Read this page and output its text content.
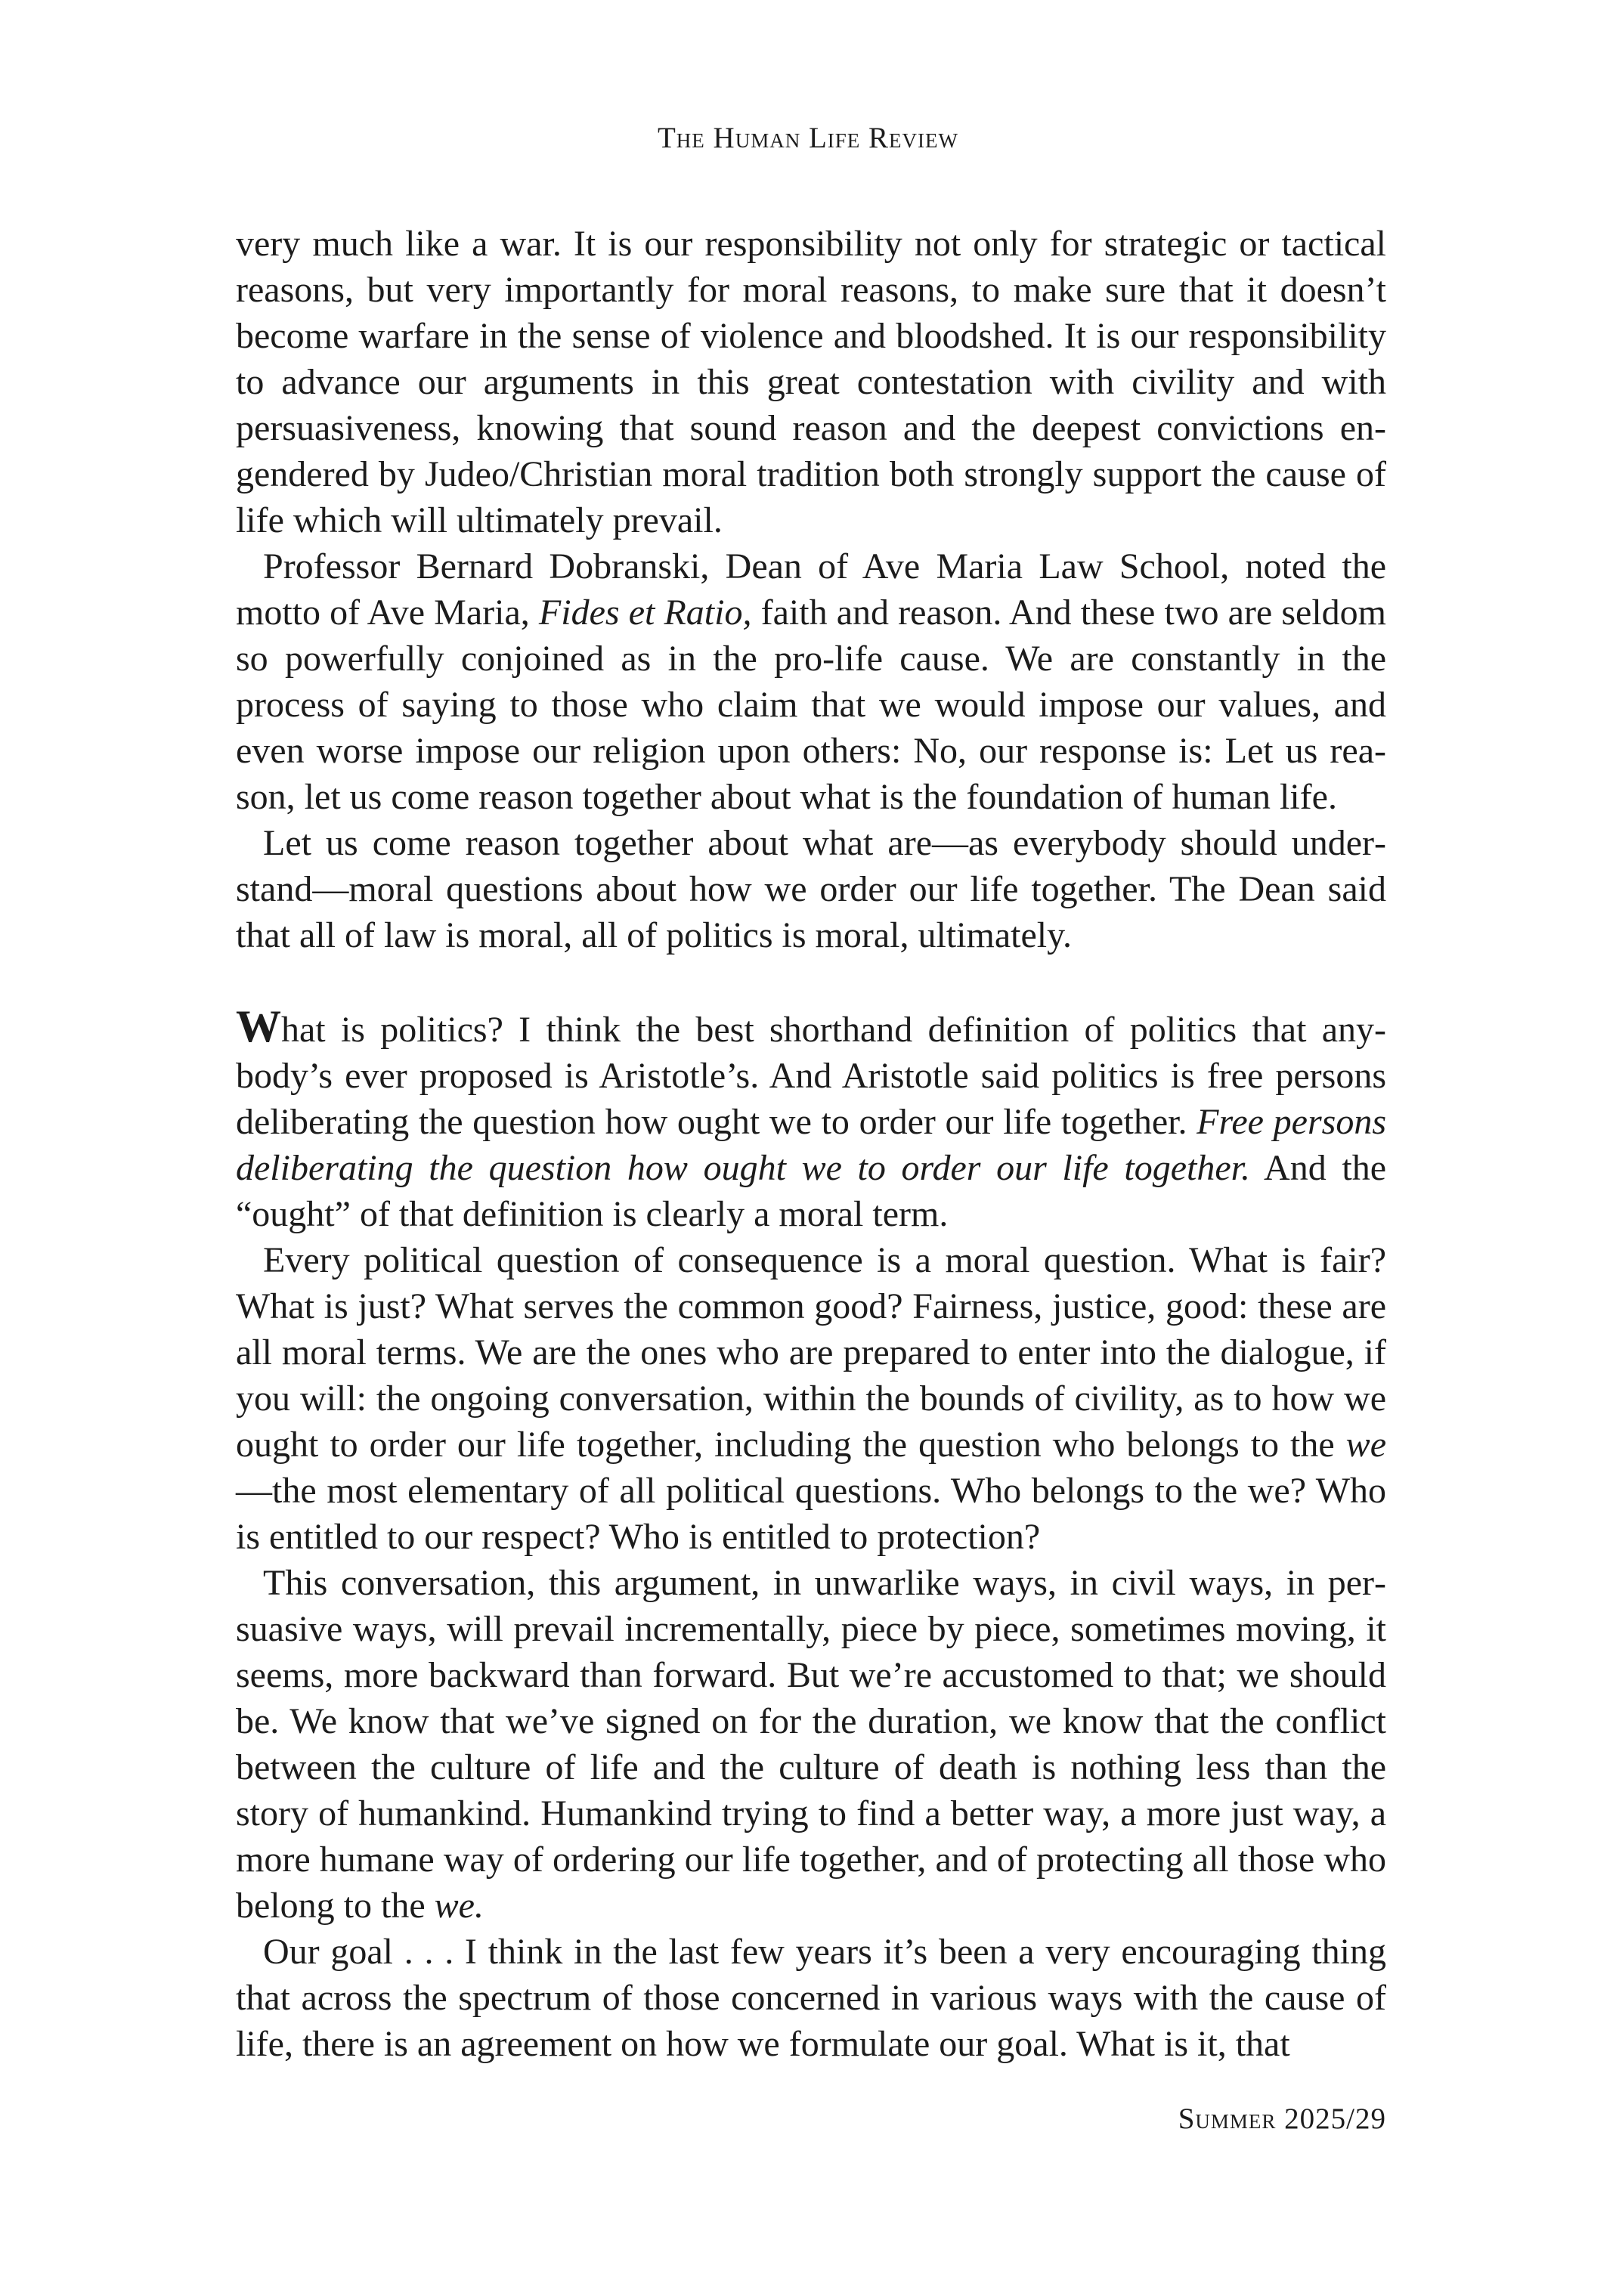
The Human Life Review

very much like a war. It is our responsibility not only for strategic or tactical reasons, but very importantly for moral reasons, to make sure that it doesn’t become warfare in the sense of violence and bloodshed. It is our responsibility to advance our arguments in this great contestation with civility and with persuasiveness, knowing that sound reason and the deepest convictions engendered by Judeo/Christian moral tradition both strongly support the cause of life which will ultimately prevail.

Professor Bernard Dobranski, Dean of Ave Maria Law School, noted the motto of Ave Maria, Fides et Ratio, faith and reason. And these two are seldom so powerfully conjoined as in the pro-life cause. We are constantly in the process of saying to those who claim that we would impose our values, and even worse impose our religion upon others: No, our response is: Let us reason, let us come reason together about what is the foundation of human life.

Let us come reason together about what are—as everybody should understand—moral questions about how we order our life together. The Dean said that all of law is moral, all of politics is moral, ultimately.

What is politics? I think the best shorthand definition of politics that anybody’s ever proposed is Aristotle’s. And Aristotle said politics is free persons deliberating the question how ought we to order our life together. Free persons deliberating the question how ought we to order our life together. And the “ought” of that definition is clearly a moral term.

Every political question of consequence is a moral question. What is fair? What is just? What serves the common good? Fairness, justice, good: these are all moral terms. We are the ones who are prepared to enter into the dialogue, if you will: the ongoing conversation, within the bounds of civility, as to how we ought to order our life together, including the question who belongs to the we—the most elementary of all political questions. Who belongs to the we? Who is entitled to our respect? Who is entitled to protection?

This conversation, this argument, in unwarlike ways, in civil ways, in persuasive ways, will prevail incrementally, piece by piece, sometimes moving, it seems, more backward than forward. But we’re accustomed to that; we should be. We know that we’ve signed on for the duration, we know that the conflict between the culture of life and the culture of death is nothing less than the story of humankind. Humankind trying to find a better way, a more just way, a more humane way of ordering our life together, and of protecting all those who belong to the we.

Our goal . . . I think in the last few years it’s been a very encouraging thing that across the spectrum of those concerned in various ways with the cause of life, there is an agreement on how we formulate our goal. What is it, that

Summer 2025/29
